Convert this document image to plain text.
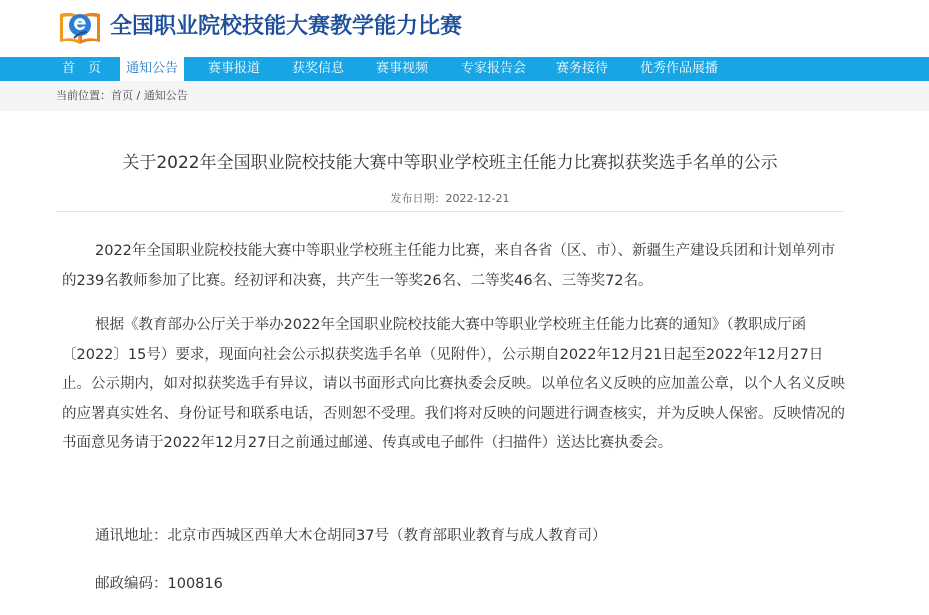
全国职业院校技能大赛教学能力比赛
首　页	通知公告	赛事报道 获奖信息 赛事视频	专家报告会 赛务接待 优秀作品展播
当前位置：首页 / 通知公告
关于2022年全国职业院校技能大赛中等职业学校班主任能力比赛拟获奖选手名单的公示
发布日期：2022-12-21

2022年全国职业院校技能大赛中等职业学校班主任能力比赛，来自各省（区、市）、新疆生产建设兵团和计划单列市的239名教师参加了比赛。经初评和决赛，共产生一等奖26名、二等奖46名、三等奖72名。

根据《教育部办公厅关于举办2022年全国职业院校技能大赛中等职业学校班主任能力比赛的通知》（教职成厅函〔2022〕15号）要求，现面向社会公示拟获奖选手名单（见附件），公示期自2022年12月21日起至2022年12月27日止。公示期内，如对拟获奖选手有异议，请以书面形式向比赛执委会反映。以单位名义反映的应加盖公章，以个人名义反映的应署真实姓名、身份证号和联系电话，否则恕不受理。我们将对反映的问题进行调查核实，并为反映人保密。反映情况的书面意见务请于2022年12月27日之前通过邮递、传真或电子邮件（扫描件）送达比赛执委会。

通讯地址：北京市西城区西单大木仓胡同37号（教育部职业教育与成人教育司）

邮政编码：100816
